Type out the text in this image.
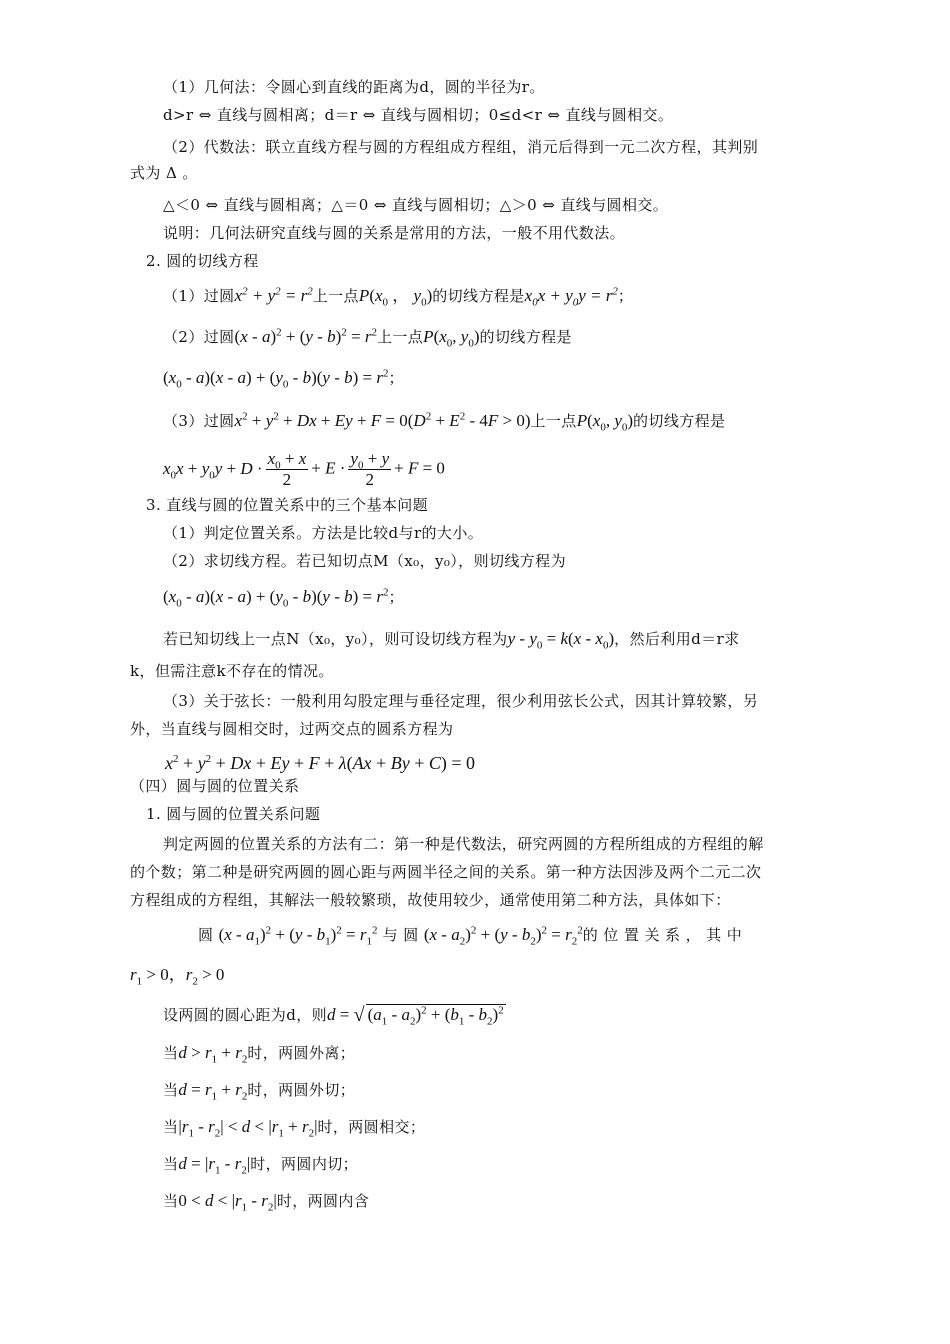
（1）几何法：令圆心到直线的距离为d，圆的半径为r。
d>r ⇔ 直线与圆相离；d＝r ⇔ 直线与圆相切；0≤d<r ⇔ 直线与圆相交。
（2）代数法：联立直线方程与圆的方程组成方程组，消元后得到一元二次方程，其判别
式为 Δ 。
△＜0 ⇔ 直线与圆相离；△＝0 ⇔ 直线与圆相切；△＞0 ⇔ 直线与圆相交。
说明：几何法研究直线与圆的关系是常用的方法，一般不用代数法。
2. 圆的切线方程
（1）过圆$x^2 + y^2 = r^2$上一点$P(x_0$ ， $y_0$)的切线方程是$x_0x + y_0y = r^2$；
（2）过圆$(x - a)^2 + (y - b)^2 = r^2$上一点$P(x_0$, $y_0$)的切线方程是
$(x_0 - a)(x - a) + (y_0 - b)(y - b) = r^2$；
（3）过圆$x^2 + y^2 + Dx + Ey + F = 0(D^2 + E^2 - 4F > 0)$上一点$P(x_0$, $y_0$)的切线方程是
$x_0x + y_0y + D \cdot \frac{x_0 + x}{2} + E \cdot \frac{y_0 + y}{2} + F = 0$
3. 直线与圆的位置关系中的三个基本问题
（1）判定位置关系。方法是比较d与r的大小。
（2）求切线方程。若已知切点M（x₀，y₀），则切线方程为
$(x_0 - a)(x - a) + (y_0 - b)(y - b) = r^2$；
若已知切线上一点N（x₀，y₀），则可设切线方程为$y - y_0 = k(x - x_0)$，然后利用d＝r求
k，但需注意k不存在的情况。
（3）关于弦长：一般利用勾股定理与垂径定理，很少利用弦长公式，因其计算较繁，另
外，当直线与圆相交时，过两交点的圆系方程为
$x^2 + y^2 + Dx + Ey + F + \lambda(Ax + By + C) = 0$
（四）圆与圆的位置关系
1. 圆与圆的位置关系问题
判定两圆的位置关系的方法有二：第一种是代数法，研究两圆的方程所组成的方程组的解
的个数；第二种是研究两圆的圆心距与两圆半径之间的关系。第一种方法因涉及两个二元二次
方程组成的方程组，其解法一般较繁琐，故使用较少，通常使用第二种方法，具体如下：
圆 $(x - a_1)^2 + (y - b_1)^2 = r_1^2$ 与 圆 $(x - a_2)^2 + (y - b_2)^2 = r_2^2$的 位 置 关 系 ， 其 中
$r_1 > 0$，$r_2 > 0$
设两圆的圆心距为d，则d = √ $(a_1 - a_2)^2 + (b_1 - b_2)^2$
当$d > r_1 + r_2$时，两圆外离；
当$d = r_1 + r_2$时，两圆外切；
当$|r_1 - r_2| < d < |r_1 + r_2|$时，两圆相交；
当$d = |r_1 - r_2|$时，两圆内切；
当$0 < d < |r_1 - r_2|$时，两圆内含
